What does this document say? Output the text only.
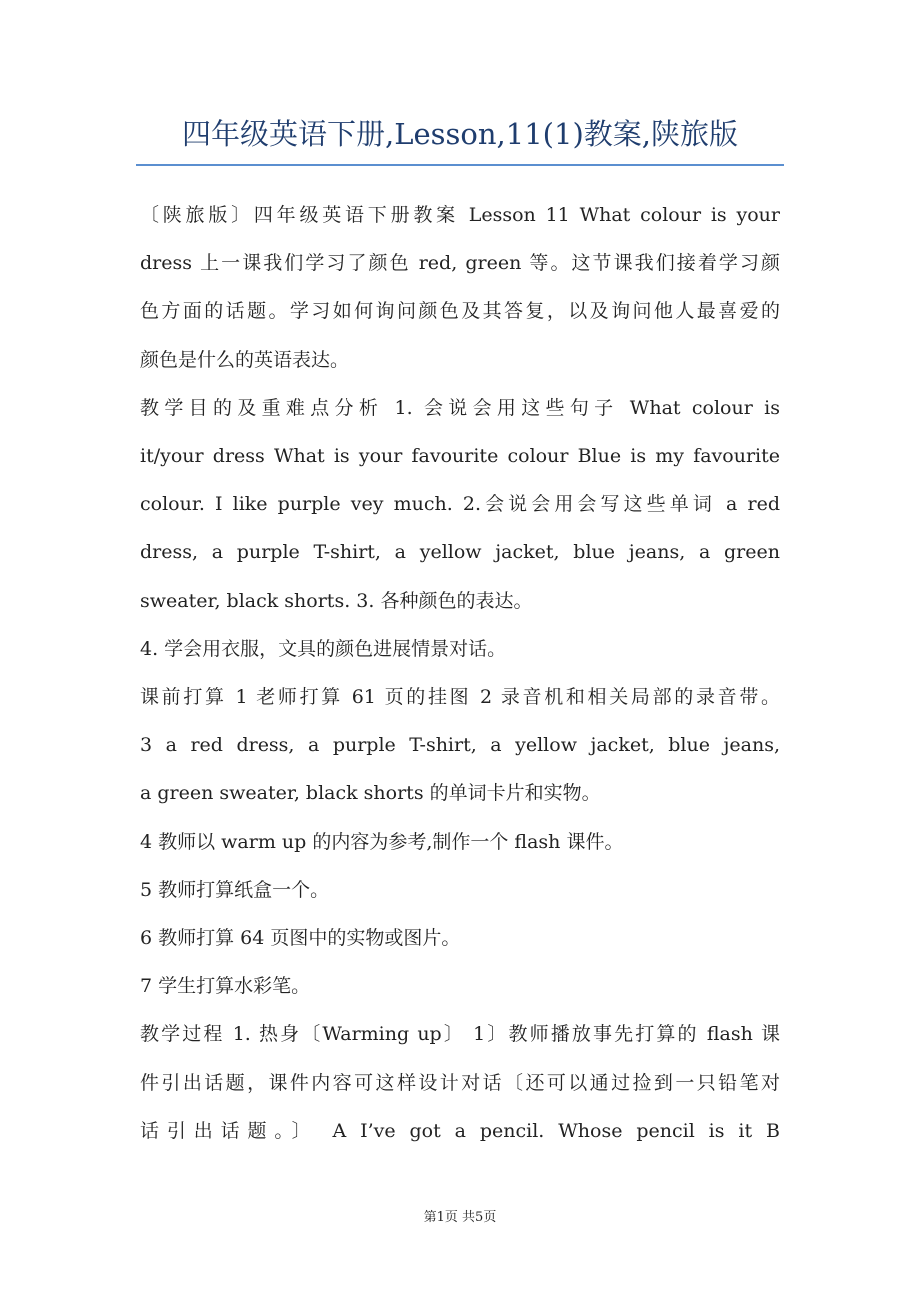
四年级英语下册,Lesson,11(1)教案,陕旅版
〔陕旅版〕四年级英语下册教案 Lesson 11 What colour is your
dress 上一课我们学习了颜色 red, green 等。这节课我们接着学习颜
色方面的话题。学习如何询问颜色及其答复，以及询问他人最喜爱的
颜色是什么的英语表达。
教学目的及重难点分析 1. 会说会用这些句子 What colour is
it/your dress What is your favourite colour Blue is my favourite
colour. I like purple vey much. 2.会说会用会写这些单词 a red
dress, a purple T-shirt, a yellow jacket, blue jeans, a green
sweater, black shorts. 3. 各种颜色的表达。
4. 学会用衣服，文具的颜色进展情景对话。
课前打算 1 老师打算 61 页的挂图 2 录音机和相关局部的录音带。
3 a red dress, a purple T-shirt, a yellow jacket, blue jeans,
a green sweater, black shorts 的单词卡片和实物。
4 教师以 warm up 的内容为参考,制作一个 flash 课件。
5 教师打算纸盒一个。
6 教师打算 64 页图中的实物或图片。
7 学生打算水彩笔。
教学过程 1. 热身〔Warming up〕 1〕教师播放事先打算的 flash 课
件引出话题，课件内容可这样设计对话〔还可以通过捡到一只铅笔对
话引出话题。〕 A I’ve got a pencil. Whose pencil is it B
第1页 共5页
